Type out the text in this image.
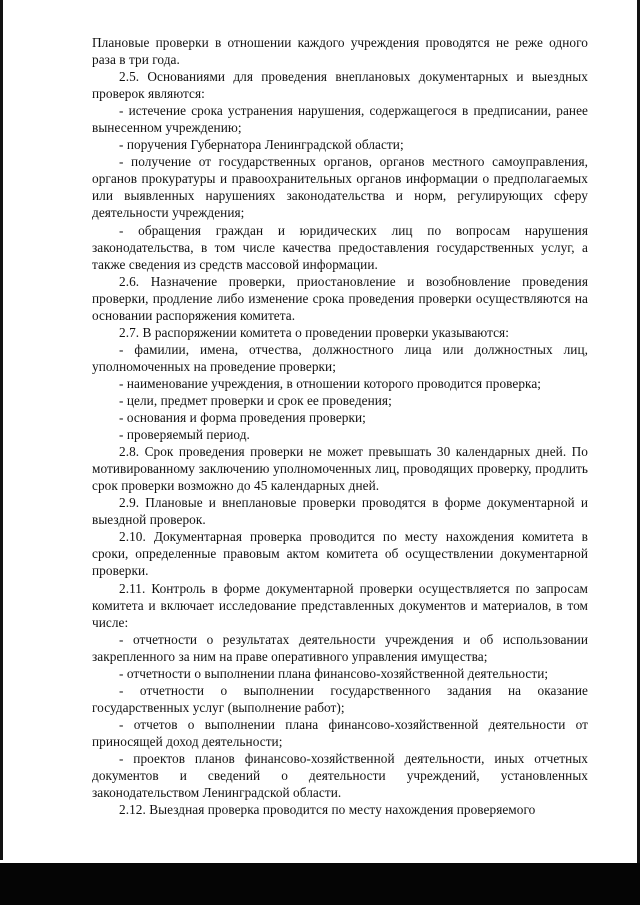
Плановые проверки в отношении каждого учреждения проводятся не реже одного раза в три года.

2.5. Основаниями для проведения внеплановых документарных и выездных проверок являются:

- истечение срока устранения нарушения, содержащегося в предписании, ранее вынесенном учреждению;

- поручения Губернатора Ленинградской области;

- получение от государственных органов, органов местного самоуправления, органов прокуратуры и правоохранительных органов информации о предполагаемых или выявленных нарушениях законодательства и норм, регулирующих сферу деятельности учреждения;

- обращения граждан и юридических лиц по вопросам нарушения законодательства, в том числе качества предоставления государственных услуг, а также сведения из средств массовой информации.

2.6. Назначение проверки, приостановление и возобновление проведения проверки, продление либо изменение срока проведения проверки осуществляются на основании распоряжения комитета.

2.7. В распоряжении комитета о проведении проверки указываются:

- фамилии, имена, отчества, должностного лица или должностных лиц, уполномоченных на проведение проверки;

- наименование учреждения, в отношении которого проводится проверка;

- цели, предмет проверки и срок ее проведения;

- основания и форма проведения проверки;

- проверяемый период.

2.8. Срок проведения проверки не может превышать 30 календарных дней. По мотивированному заключению уполномоченных лиц, проводящих проверку, продлить срок проверки возможно до 45 календарных дней.

2.9. Плановые и внеплановые проверки проводятся в форме документарной и выездной проверок.

2.10. Документарная проверка проводится по месту нахождения комитета в сроки, определенные правовым актом комитета об осуществлении документарной проверки.

2.11. Контроль в форме документарной проверки осуществляется по запросам комитета и включает исследование представленных документов и материалов, в том числе:

- отчетности о результатах деятельности учреждения и об использовании закрепленного за ним на праве оперативного управления имущества;

- отчетности о выполнении плана финансово-хозяйственной деятельности;

- отчетности о выполнении государственного задания на оказание государственных услуг (выполнение работ);

- отчетов о выполнении плана финансово-хозяйственной деятельности от приносящей доход деятельности;

- проектов планов финансово-хозяйственной деятельности, иных отчетных документов и сведений о деятельности учреждений, установленных законодательством Ленинградской области.

2.12. Выездная проверка проводится по месту нахождения проверяемого
